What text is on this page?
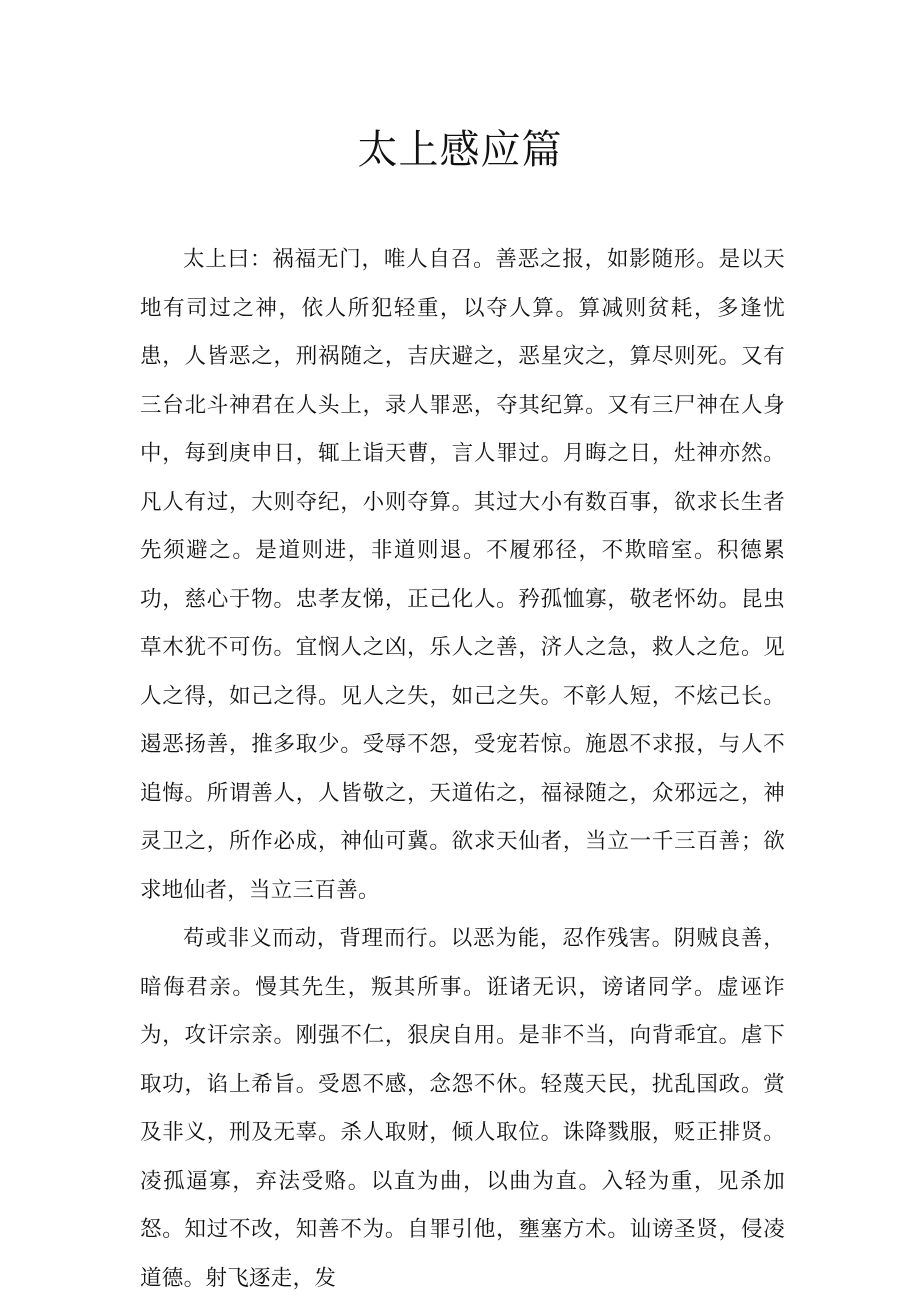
太上感应篇

太上曰：祸福无门，唯人自召。善恶之报，如影随形。是以天地有司过之神，依人所犯轻重，以夺人算。算减则贫耗，多逢忧患，人皆恶之，刑祸随之，吉庆避之，恶星灾之，算尽则死。又有三台北斗神君在人头上，录人罪恶，夺其纪算。又有三尸神在人身中，每到庚申日，辄上诣天曹，言人罪过。月晦之日，灶神亦然。凡人有过，大则夺纪，小则夺算。其过大小有数百事，欲求长生者先须避之。是道则进，非道则退。不履邪径，不欺暗室。积德累功，慈心于物。忠孝友悌，正己化人。矜孤恤寡，敬老怀幼。昆虫草木犹不可伤。宜悯人之凶，乐人之善，济人之急，救人之危。见人之得，如己之得。见人之失，如己之失。不彰人短，不炫己长。遏恶扬善，推多取少。受辱不怨，受宠若惊。施恩不求报，与人不追悔。所谓善人，人皆敬之，天道佑之，福禄随之，众邪远之，神灵卫之，所作必成，神仙可冀。欲求天仙者，当立一千三百善；欲求地仙者，当立三百善。

苟或非义而动，背理而行。以恶为能，忍作残害。阴贼良善，暗侮君亲。慢其先生，叛其所事。诳诸无识，谤诸同学。虚诬诈为，攻讦宗亲。刚强不仁，狠戾自用。是非不当，向背乖宜。虐下取功，谄上希旨。受恩不感，念怨不休。轻蔑天民，扰乱国政。赏及非义，刑及无辜。杀人取财，倾人取位。诛降戮服，贬正排贤。凌孤逼寡，弃法受赂。以直为曲，以曲为直。入轻为重，见杀加怒。知过不改，知善不为。自罪引他，壅塞方术。讪谤圣贤，侵凌道德。射飞逐走，发
